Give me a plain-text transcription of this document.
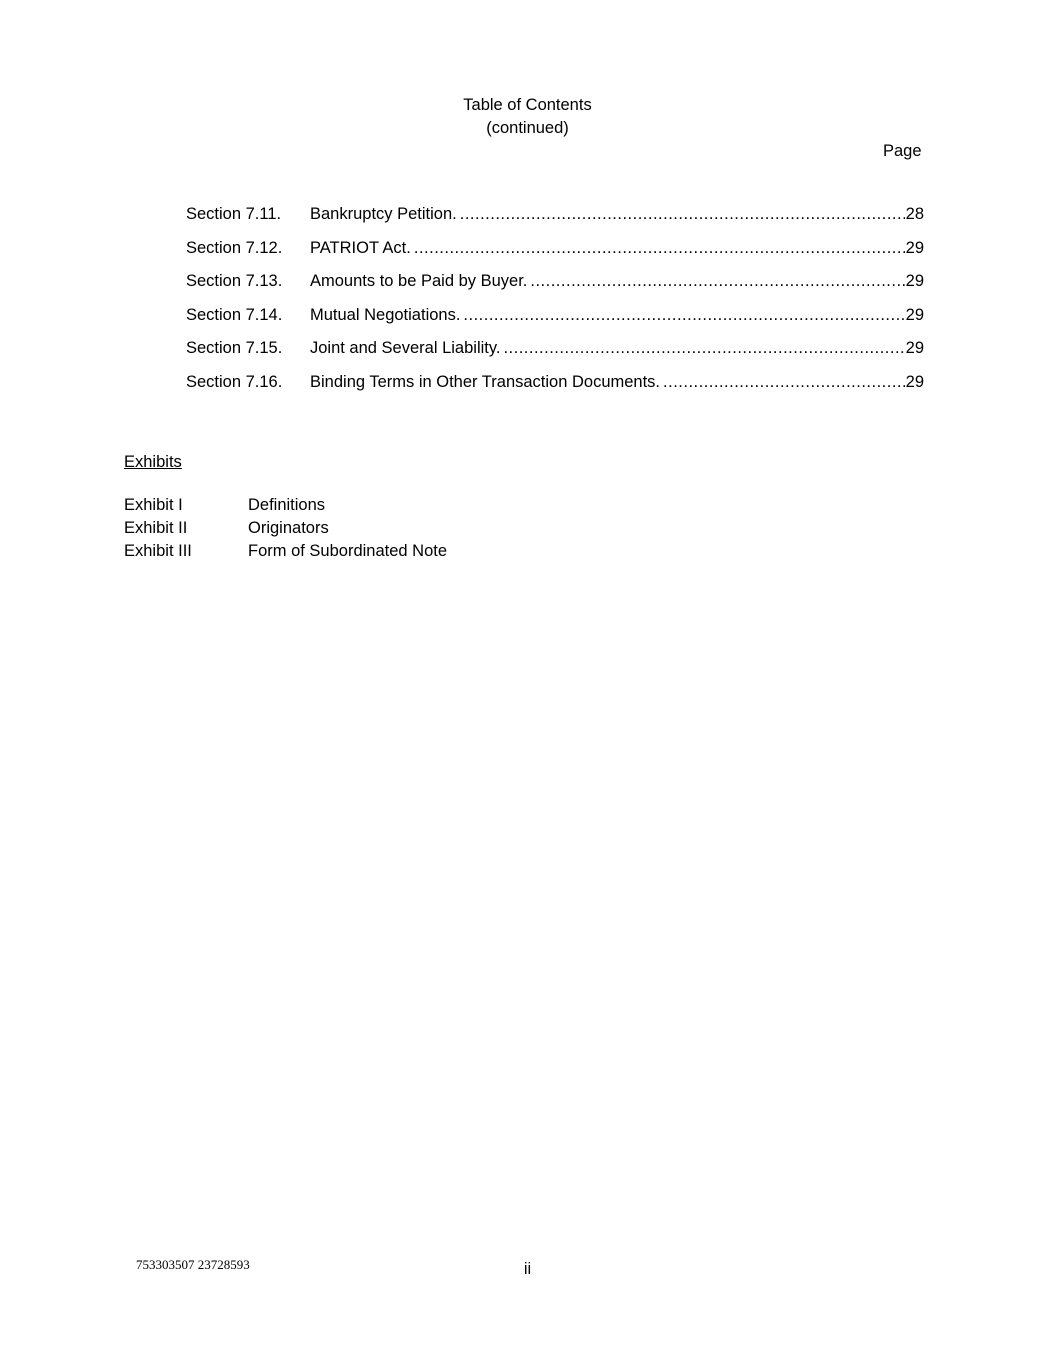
Table of Contents
(continued)
Page
Section 7.11.	Bankruptcy Petition. .....	28
Section 7.12.	PATRIOT Act. .....	29
Section 7.13.	Amounts to be Paid by Buyer. .....	29
Section 7.14.	Mutual Negotiations. .....	29
Section 7.15.	Joint and Several Liability. .....	29
Section 7.16.	Binding Terms in Other Transaction Documents. .....	29
Exhibits
Exhibit I	Definitions
Exhibit II	Originators
Exhibit III	Form of Subordinated Note
753303507 23728593	ii
